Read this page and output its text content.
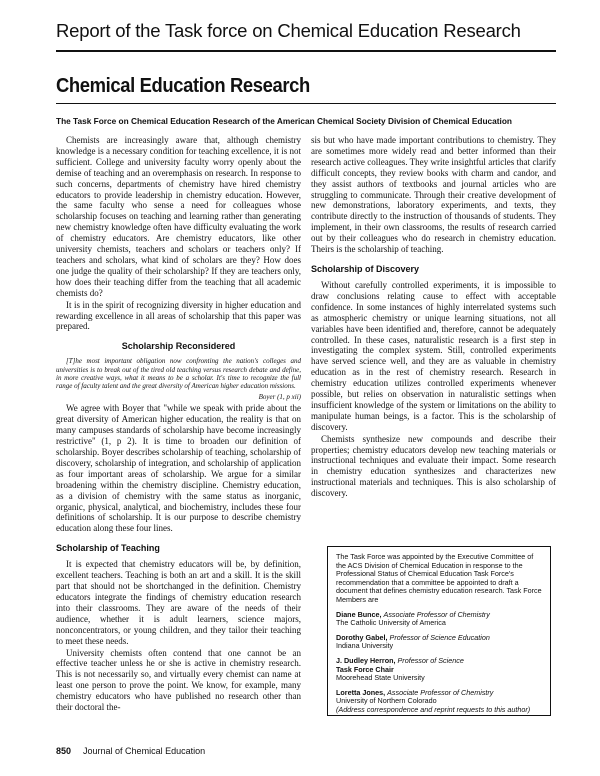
Report of the Task force on Chemical Education Research
Chemical Education Research
The Task Force on Chemical Education Research of the American Chemical Society Division of Chemical Education

Chemists are increasingly aware that, although chemistry knowledge is a necessary condition for teaching excellence, it is not sufficient. College and university faculty worry openly about the demise of teaching and an overemphasis on research. In response to such concerns, departments of chemistry have hired chemistry educators to provide leadership in chemistry education. However, the same faculty who sense a need for colleagues whose scholarship focuses on teaching and learning rather than generating new chemistry knowledge often have difficulty evaluating the work of chemistry educators. Are chemistry educators, like other university chemists, teachers and scholars or teachers only? If teachers and scholars, what kind of scholars are they? How does one judge the quality of their scholarship? If they are teachers only, how does their teaching differ from the teaching that all academic chemists do?

It is in the spirit of recognizing diversity in higher education and rewarding excellence in all areas of scholarship that this paper was prepared.

Scholarship Reconsidered

[T]he most important obligation now confronting the nation's colleges and universities is to break out of the tired old teaching versus research debate and define, in more creative ways, what it means to be a scholar. It's time to recognize the full range of faculty talent and the great diversity of American higher education missions.

Boyer (1, p xii)

We agree with Boyer that "while we speak with pride about the great diversity of American higher education, the reality is that on many campuses standards of scholarship have become increasingly restrictive" (1, p 2). It is time to broaden our definition of scholarship. Boyer describes scholarship of teaching, scholarship of discovery, scholarship of integration, and scholarship of application as four important areas of scholarship. We argue for a similar broadening within the chemistry discipline. Chemistry education, as a division of chemistry with the same status as inorganic, organic, physical, analytical, and biochemistry, includes these four definitions of scholarship. It is our purpose to describe chemistry education along these four lines.

Scholarship of Teaching

It is expected that chemistry educators will be, by definition, excellent teachers. Teaching is both an art and a skill. It is the skill part that should not be shortchanged in the definition. Chemistry educators integrate the findings of chemistry education research into their classrooms. They are aware of the needs of their audience, whether it is adult learners, science majors, nonconcentrators, or young children, and they tailor their teaching to meet these needs.

University chemists often contend that one cannot be an effective teacher unless he or she is active in chemistry research. This is not necessarily so, and virtually every chemist can name at least one person to prove the point. We know, for example, many chemistry educators who have published no research other than their doctoral the-

sis but who have made important contributions to chemistry. They are sometimes more widely read and better informed than their research active colleagues. They write insightful articles that clarify difficult concepts, they review books with charm and candor, and they assist authors of textbooks and journal articles who are struggling to communicate. Through their creative development of new demonstrations, laboratory experiments, and texts, they contribute directly to the instruction of thousands of students. They implement, in their own classrooms, the results of research carried out by their colleagues who do research in chemistry education. Theirs is the scholarship of teaching.

Scholarship of Discovery

Without carefully controlled experiments, it is impossible to draw conclusions relating cause to effect with acceptable confidence. In some instances of highly interrelated systems such as atmospheric chemistry or unique learning situations, not all variables have been identified and, therefore, cannot be adequately controlled. In these cases, naturalistic research is a first step in investigating the complex system. Still, controlled experiments have served science well, and they are as valuable in chemistry education as in the rest of chemistry research. Research in chemistry education utilizes controlled experiments whenever possible, but relies on observation in naturalistic settings when insufficient knowledge of the system or limitations on the ability to manipulate human beings, is a factor. This is the scholarship of discovery.

Chemists synthesize new compounds and describe their properties; chemistry educators develop new teaching materials or instructional techniques and evaluate their impact. Some research in chemistry education synthesizes and characterizes new instructional materials and techniques. This is also scholarship of discovery.

The Task Force was appointed by the Executive Committee of the ACS Division of Chemical Education in response to the Professional Status of Chemical Education Task Force's recommendation that a committee be appointed to draft a document that defines chemistry education research. Task Force Members are

Diane Bunce, Associate Professor of Chemistry
The Catholic University of America
Dorothy Gabel, Professor of Science Education
Indiana University
J. Dudley Herron, Professor of Science
Task Force Chair
Moorehead State University
Loretta Jones, Associate Professor of Chemistry
University of Northern Colorado
(Address correspondence and reprint requests to this author)
850 Journal of Chemical Education
